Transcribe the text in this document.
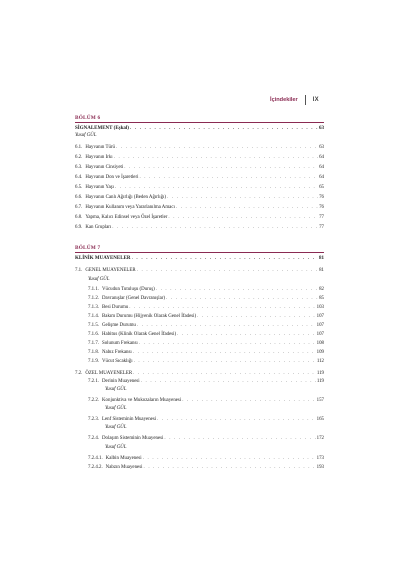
İçindekiler	IX
BÖLÜM 6
SİGNALEMENT (Eşkal) . . .	63
Yusuf GÜL
6.1. Hayvanın Türü . . .	63
6.2. Hayvanın Irkı . . .	64
6.3. Hayvanın Cinsiyeti . . .	64
6.4. Hayvanın Don ve İşaretleri . . .	64
6.5. Hayvanın Yaşı . . .	65
6.6. Hayvanın Canlı Ağırlığı (Beden Ağırlığı) . . .	76
6.7. Hayvanın Kullanım veya Yararlanılma Amacı . . .	76
6.8. Yapma, Kalıcı Edinsel veya Özel İşaretler . . .	77
6.9. Kan Grupları . . .	77
BÖLÜM 7
KLİNİK MUAYENELER . . .	81
7.1. GENEL MUAYENELER . . .	81
Yusuf GÜL
7.1.1. Vücudun Tutuluşu (Duruş) . . .	82
7.1.2. Davranışlar (Genel Davranışlar) . . .	85
7.1.3. Besi Durumu . . .	103
7.1.4. Bakım Durumu (Hijyenik Olarak Genel İfadesi) . . .	107
7.1.5. Gelişme Durumu . . .	107
7.1.6. Habitus (Klinik Olarak Genel İfadesi) . . .	107
7.1.7. Solunum Frekansı . . .	108
7.1.8. Nabız Frekansı . . .	109
7.1.9. Vücut Sıcaklığı . . .	112
7.2. ÖZEL MUAYENELER . . .	119
7.2.1. Derinin Muayenesi . . .	119
Yusuf GÜL
7.2.2. Konjunktiva ve Mukozaların Muayenesi . . .	157
Yusuf GÜL
7.2.3. Lenf Sisteminin Muayenesi . . .	165
Yusuf GÜL
7.2.4. Dolaşım Sisteminin Muayenesi . . .	172
Yusuf GÜL
7.2.4.1. Kalbin Muayenesi . . .	173
7.2.4.2. Nabzın Muayenesi . . .	193
